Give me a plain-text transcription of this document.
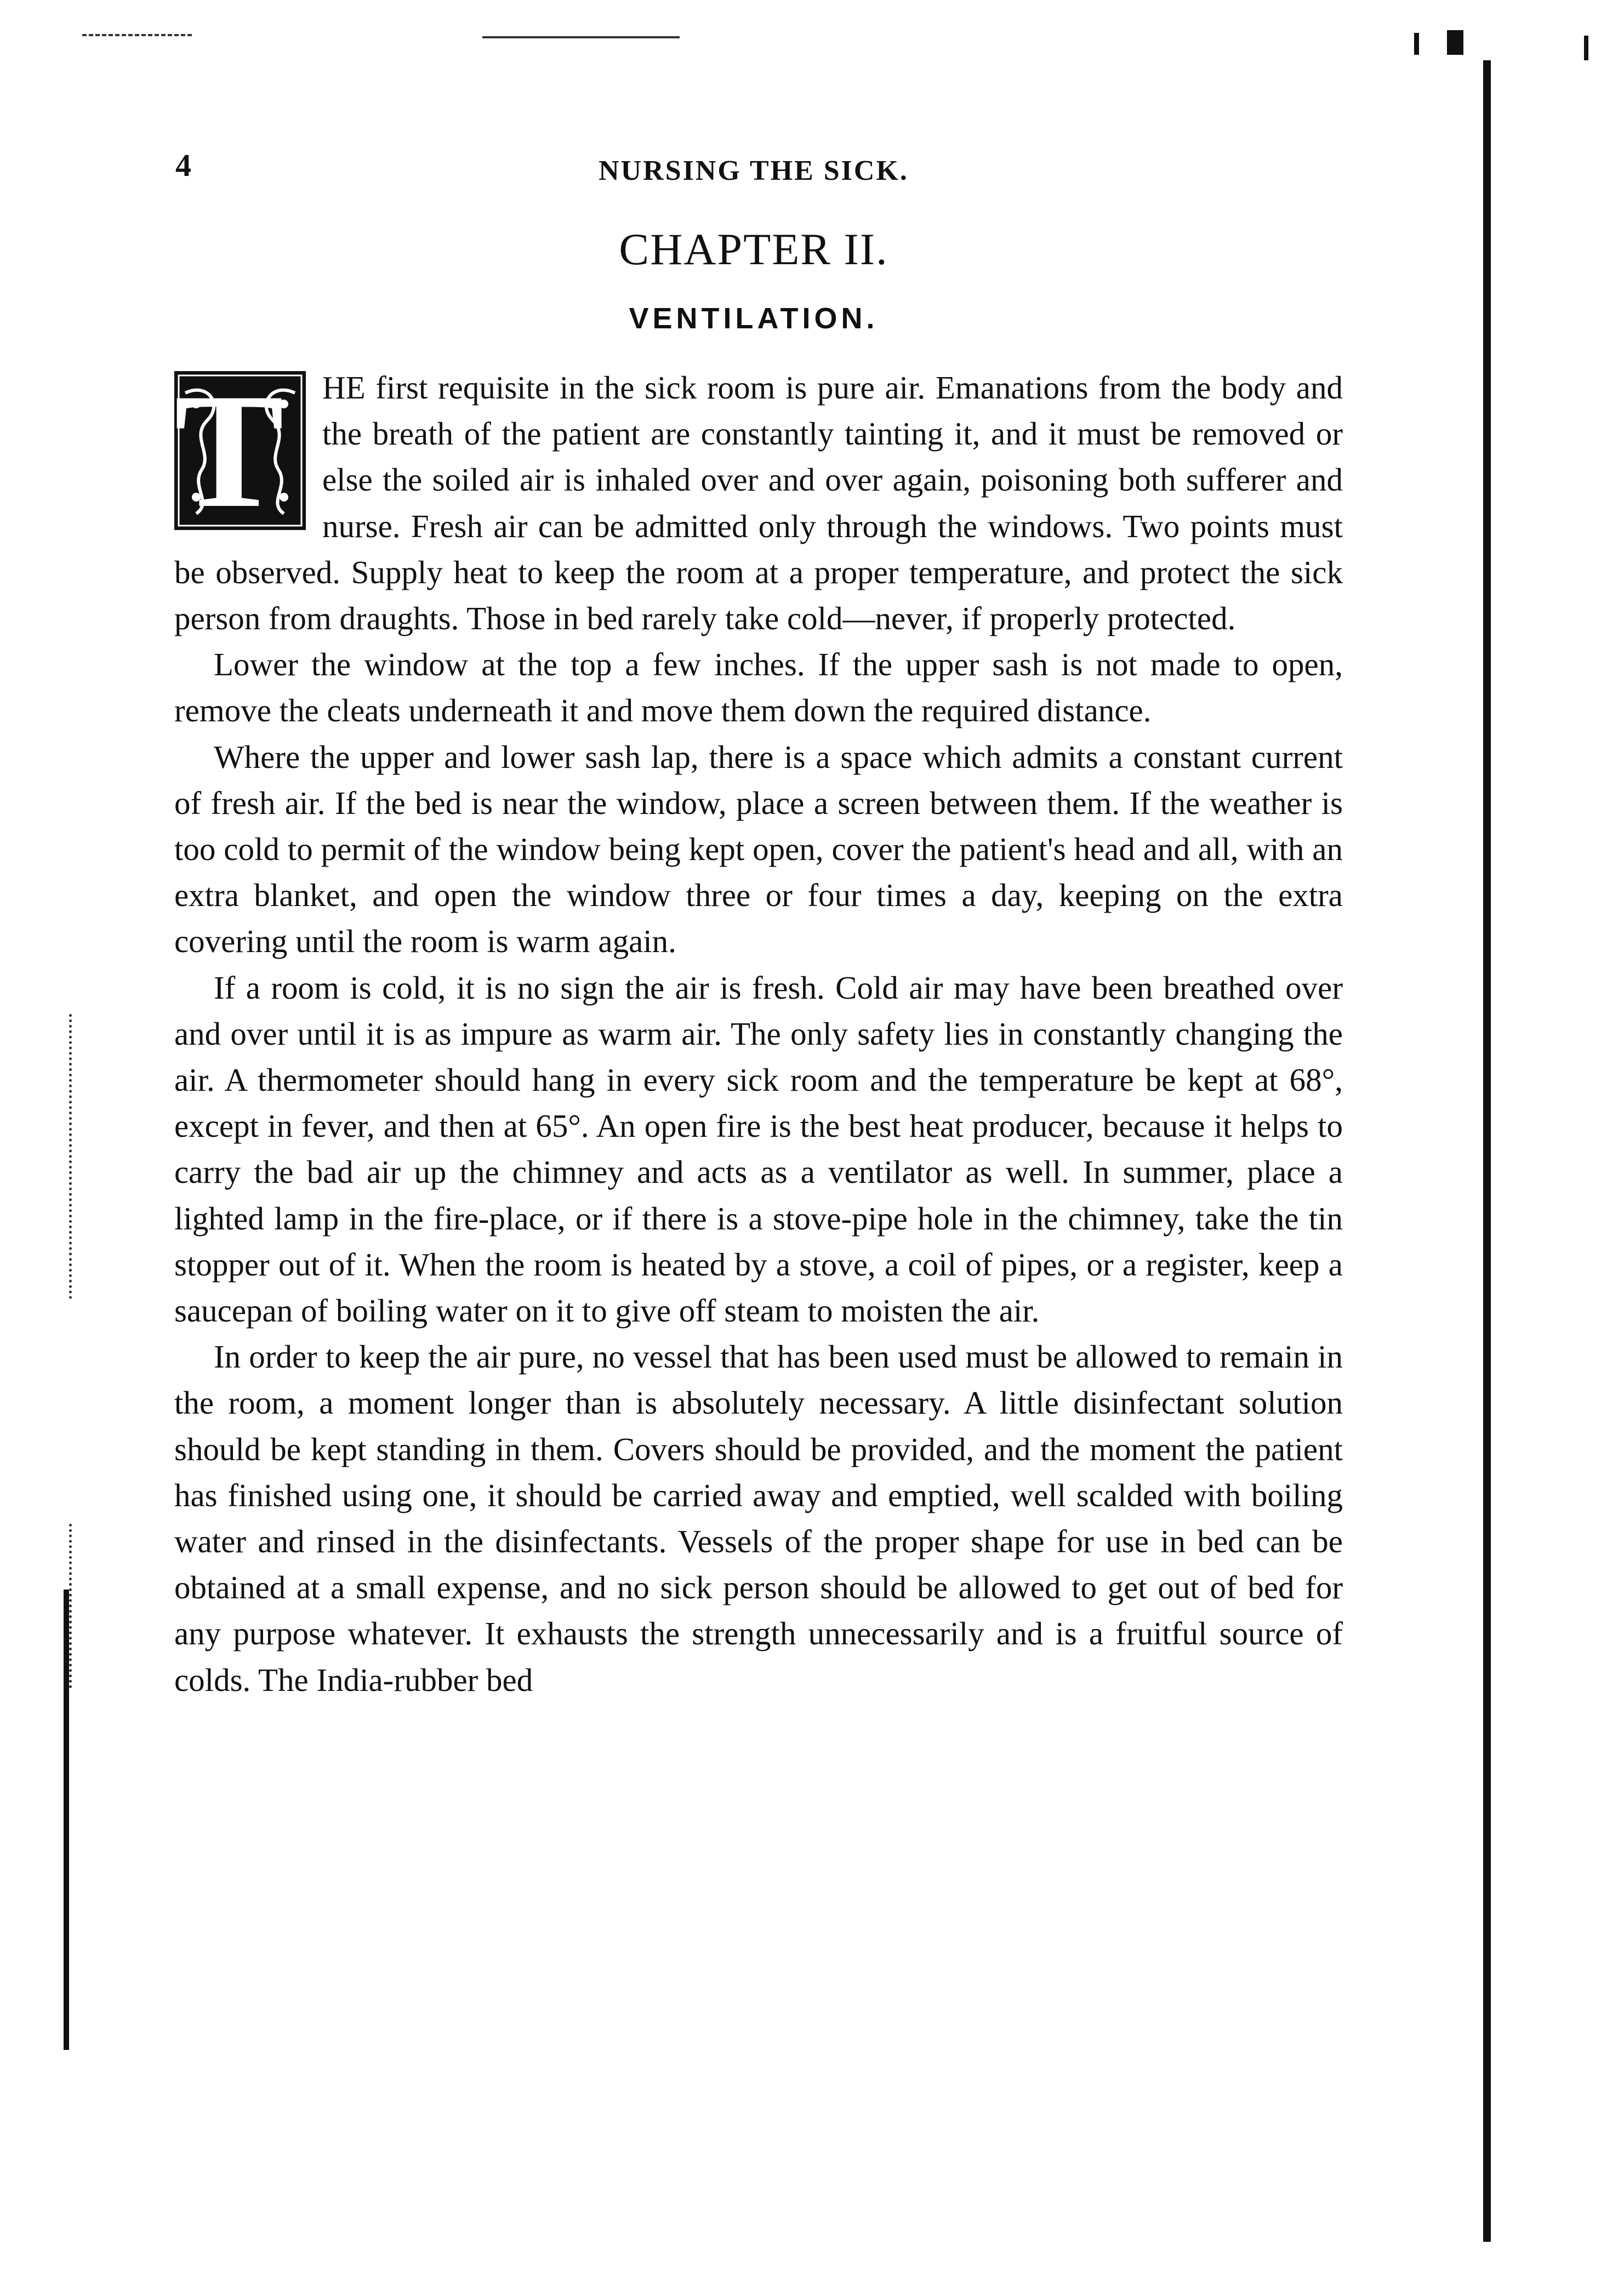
4	NURSING THE SICK.
CHAPTER II.
VENTILATION.

T	HE first requisite in the sick room is pure air. Emanations from the body and the breath of the patient are constantly tainting it, and it must be removed or else the soiled air is inhaled over and over again, poisoning both sufferer and nurse. Fresh air can be admitted only through the windows. Two points must be observed. Supply heat to keep the room at a proper temperature, and protect the sick person from draughts. Those in bed rarely take cold—never, if properly protected.

Lower the window at the top a few inches. If the upper sash is not made to open, remove the cleats underneath it and move them down the required distance.

Where the upper and lower sash lap, there is a space which admits a constant current of fresh air. If the bed is near the window, place a screen between them. If the weather is too cold to permit of the window being kept open, cover the patient's head and all, with an extra blanket, and open the window three or four times a day, keeping on the extra covering until the room is warm again.

If a room is cold, it is no sign the air is fresh. Cold air may have been breathed over and over until it is as impure as warm air. The only safety lies in constantly changing the air. A thermometer should hang in every sick room and the temperature be kept at 68°, except in fever, and then at 65°. An open fire is the best heat producer, because it helps to carry the bad air up the chimney and acts as a ventilator as well. In summer, place a lighted lamp in the fire-place, or if there is a stove-pipe hole in the chimney, take the tin stopper out of it. When the room is heated by a stove, a coil of pipes, or a register, keep a saucepan of boiling water on it to give off steam to moisten the air.

In order to keep the air pure, no vessel that has been used must be allowed to remain in the room, a moment longer than is absolutely necessary. A little disinfectant solution should be kept standing in them. Covers should be provided, and the moment the patient has finished using one, it should be carried away and emptied, well scalded with boiling water and rinsed in the disinfectants. Vessels of the proper shape for use in bed can be obtained at a small expense, and no sick person should be allowed to get out of bed for any purpose whatever. It exhausts the strength unnecessarily and is a fruitful source of colds. The India-rubber bed
